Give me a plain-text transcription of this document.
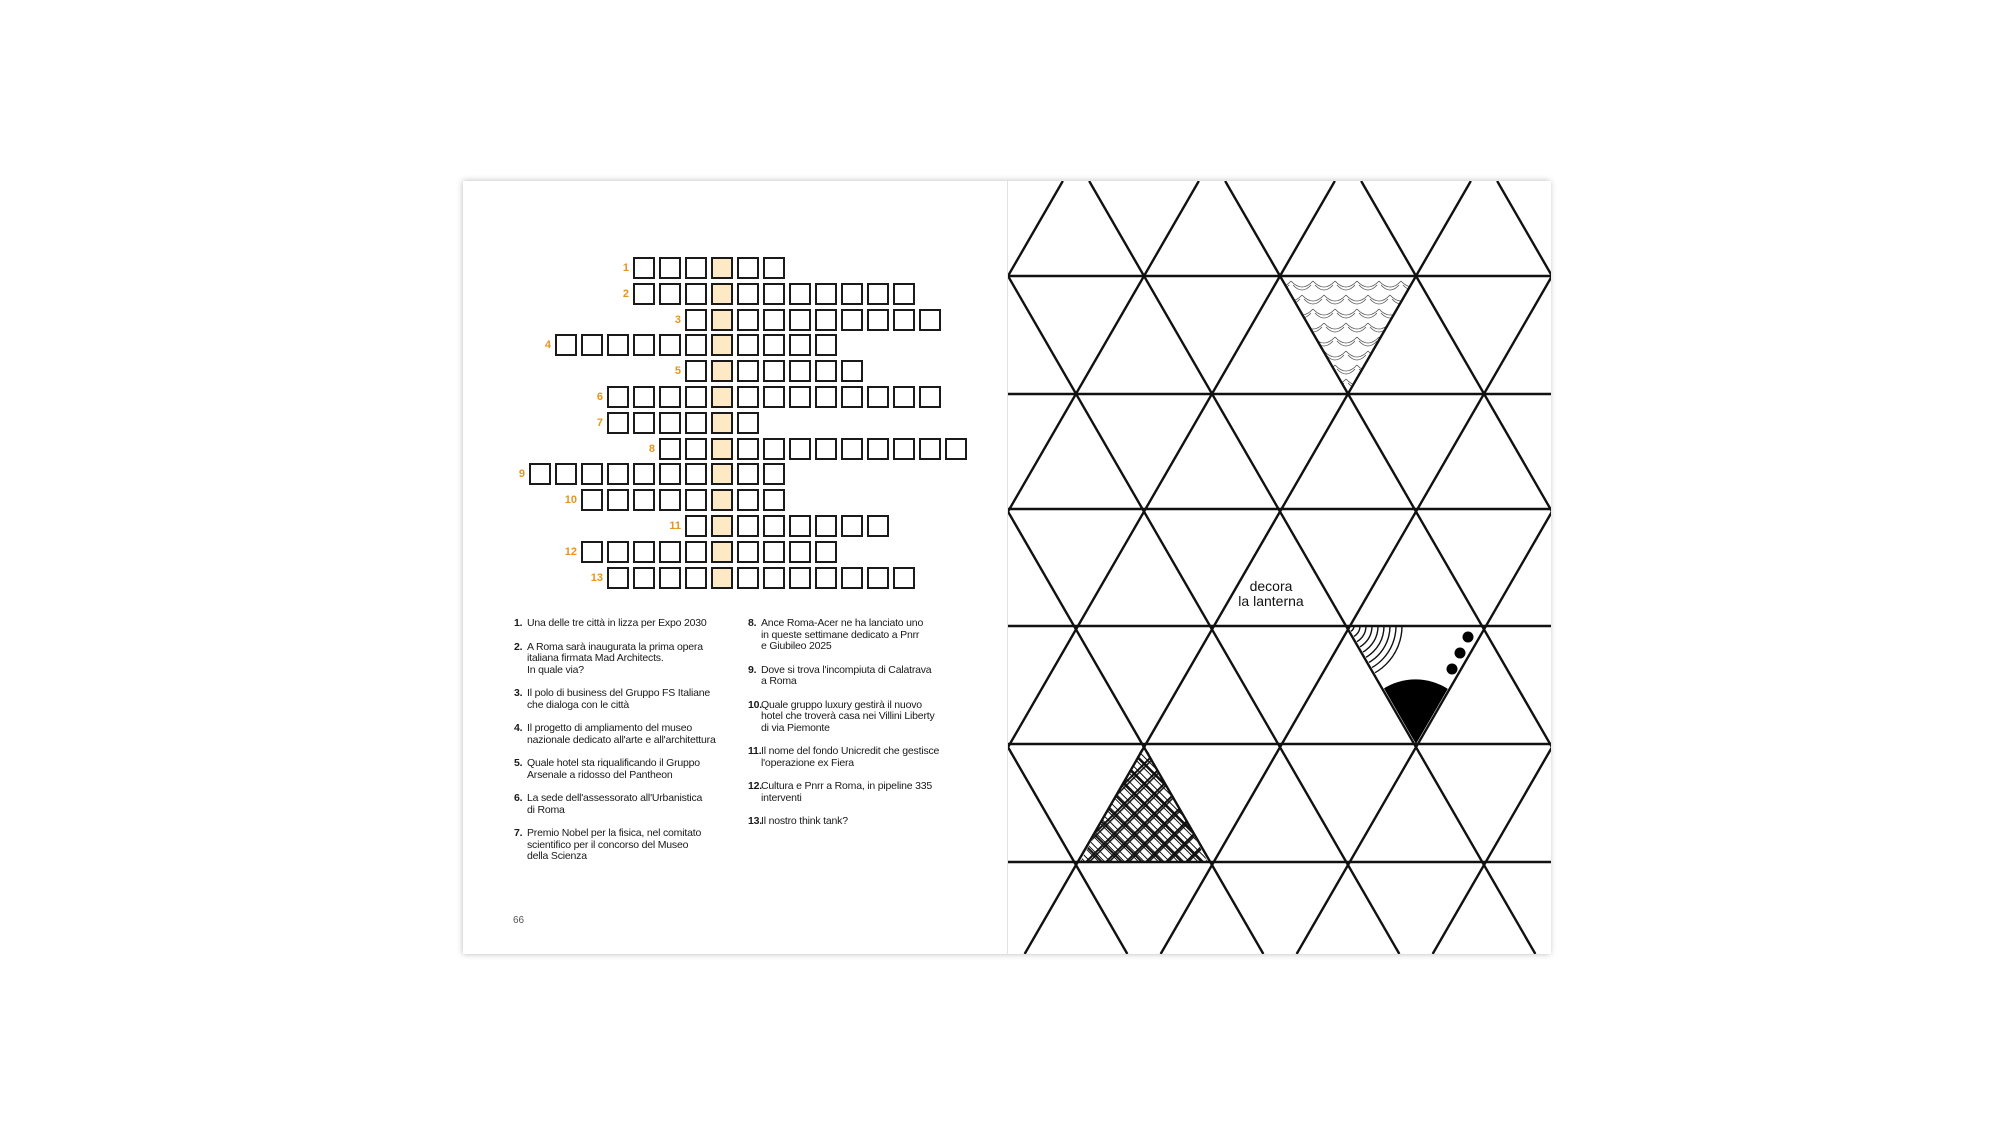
1
2
3
4
5
6
7
8
9
10
11
12
13
1. Una delle tre città in lizza per Expo 2030
2. A Roma sarà inaugurata la prima opera
italiana firmata Mad Architects.
In quale via?
3. Il polo di business del Gruppo FS Italiane
che dialoga con le città
4. Il progetto di ampliamento del museo
nazionale dedicato all'arte e all'architettura
5. Quale hotel sta riqualificando il Gruppo
Arsenale a ridosso del Pantheon
6. La sede dell'assessorato all'Urbanistica
di Roma
7. Premio Nobel per la fisica, nel comitato
scientifico per il concorso del Museo
della Scienza
8. Ance Roma-Acer ne ha lanciato uno
in queste settimane dedicato a Pnrr
e Giubileo 2025
9. Dove si trova l'incompiuta di Calatrava
a Roma
10. Quale gruppo luxury gestirà il nuovo
hotel che troverà casa nei Villini Liberty
di via Piemonte
11. Il nome del fondo Unicredit che gestisce
l'operazione ex Fiera
12. Cultura e Pnrr a Roma, in pipeline 335
interventi
13. Il nostro think tank?
66
decora
la lanterna
